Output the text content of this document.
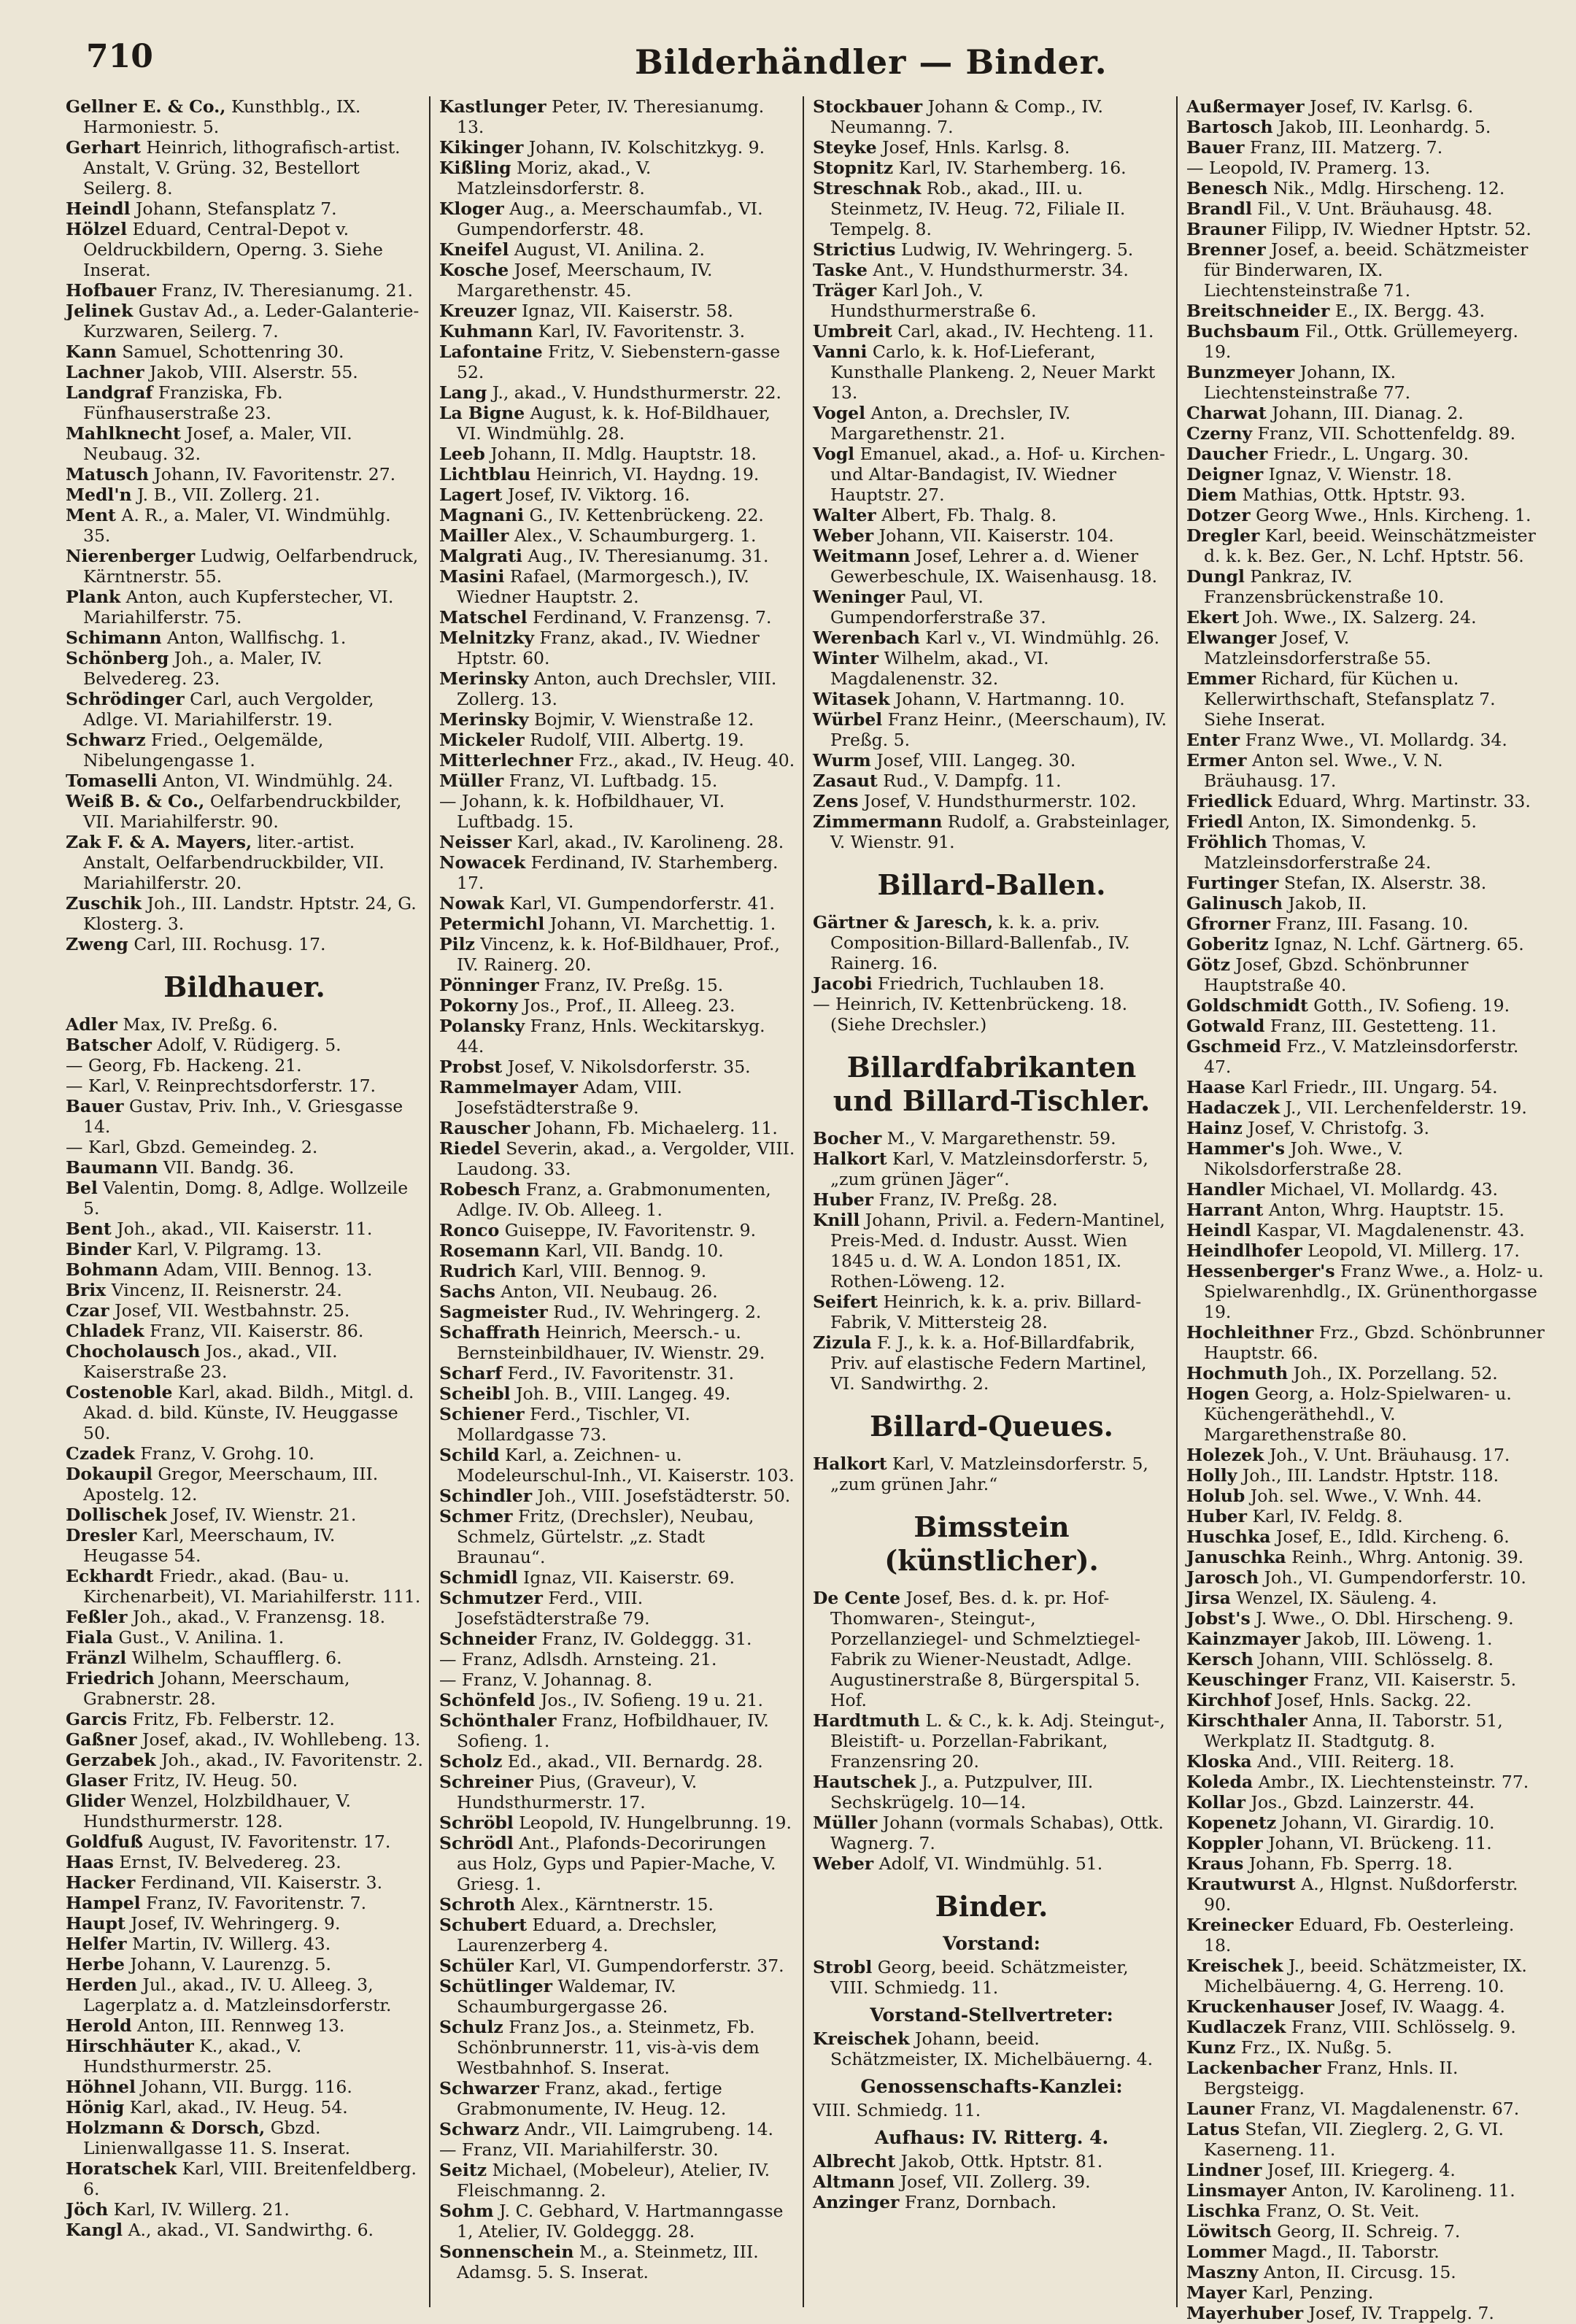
710	Bilderhändler — Binder.

Gellner E. & Co., Kunsthblg., IX. Harmoniestr. 5.

Gerhart Heinrich, lithografisch-artist. Anstalt, V. Grüng. 32, Bestellort Seilerg. 8.

Heindl Johann, Stefansplatz 7.

Hölzel Eduard, Central-Depot v. Oeldruckbildern, Operng. 3. Siehe Inserat.

Hofbauer Franz, IV. Theresianumg. 21.

Jelinek Gustav Ad., a. Leder-Galanterie-Kurzwaren, Seilerg. 7.

Kann Samuel, Schottenring 30.

Lachner Jakob, VIII. Alserstr. 55.

Landgraf Franziska, Fb. Fünfhauserstraße 23.

Mahlknecht Josef, a. Maler, VII. Neubaug. 32.

Matusch Johann, IV. Favoritenstr. 27.

Medl'n J. B., VII. Zollerg. 21.

Ment A. R., a. Maler, VI. Windmühlg. 35.

Nierenberger Ludwig, Oelfarbendruck, Kärntnerstr. 55.

Plank Anton, auch Kupferstecher, VI. Mariahilferstr. 75.

Schimann Anton, Wallfischg. 1.

Schönberg Joh., a. Maler, IV. Belvedereg. 23.

Schrödinger Carl, auch Vergolder, Adlge. VI. Mariahilferstr. 19.

Schwarz Fried., Oelgemälde, Nibelungengasse 1.

Tomaselli Anton, VI. Windmühlg. 24.

Weiß B. & Co., Oelfarbendruckbilder, VII. Mariahilferstr. 90.

Zak F. & A. Mayers, liter.-artist. Anstalt, Oelfarbendruckbilder, VII. Mariahilferstr. 20.

Zuschik Joh., III. Landstr. Hptstr. 24, G. Klosterg. 3.

Zweng Carl, III. Rochusg. 17.

Bildhauer.

Adler Max, IV. Preßg. 6.

Batscher Adolf, V. Rüdigerg. 5.

— Georg, Fb. Hackeng. 21.

— Karl, V. Reinprechtsdorferstr. 17.

Bauer Gustav, Priv. Inh., V. Griesgasse 14.

— Karl, Gbzd. Gemeindeg. 2.

Baumann VII. Bandg. 36.

Bel Valentin, Domg. 8, Adlge. Wollzeile 5.

Bent Joh., akad., VII. Kaiserstr. 11.

Binder Karl, V. Pilgramg. 13.

Bohmann Adam, VIII. Bennog. 13.

Brix Vincenz, II. Reisnerstr. 24.

Czar Josef, VII. Westbahnstr. 25.

Chladek Franz, VII. Kaiserstr. 86.

Chocholausch Jos., akad., VII. Kaiserstraße 23.

Costenoble Karl, akad. Bildh., Mitgl. d. Akad. d. bild. Künste, IV. Heuggasse 50.

Czadek Franz, V. Grohg. 10.

Dokaupil Gregor, Meerschaum, III. Apostelg. 12.

Dollischek Josef, IV. Wienstr. 21.

Dresler Karl, Meerschaum, IV. Heugasse 54.

Eckhardt Friedr., akad. (Bau- u. Kirchenarbeit), VI. Mariahilferstr. 111.

Feßler Joh., akad., V. Franzensg. 18.

Fiala Gust., V. Anilina. 1.

Fränzl Wilhelm, Schaufflerg. 6.

Friedrich Johann, Meerschaum, Grabnerstr. 28.

Garcis Fritz, Fb. Felberstr. 12.

Gaßner Josef, akad., IV. Wohllebeng. 13.

Gerzabek Joh., akad., IV. Favoritenstr. 2.

Glaser Fritz, IV. Heug. 50.

Glider Wenzel, Holzbildhauer, V. Hundsthurmerstr. 128.

Goldfuß August, IV. Favoritenstr. 17.

Haas Ernst, IV. Belvedereg. 23.

Hacker Ferdinand, VII. Kaiserstr. 3.

Hampel Franz, IV. Favoritenstr. 7.

Haupt Josef, IV. Wehringerg. 9.

Helfer Martin, IV. Willerg. 43.

Herbe Johann, V. Laurenzg. 5.

Herden Jul., akad., IV. U. Alleeg. 3, Lagerplatz a. d. Matzleinsdorferstr.

Herold Anton, III. Rennweg 13.

Hirschhäuter K., akad., V. Hundsthurmerstr. 25.

Höhnel Johann, VII. Burgg. 116.

Hönig Karl, akad., IV. Heug. 54.

Holzmann & Dorsch, Gbzd. Linienwallgasse 11. S. Inserat.

Horatschek Karl, VIII. Breitenfeldberg. 6.

Jöch Karl, IV. Willerg. 21.

Kangl A., akad., VI. Sandwirthg. 6.

Kastlunger Peter, IV. Theresianumg. 13.

Kikinger Johann, IV. Kolschitzkyg. 9.

Kißling Moriz, akad., V. Matzleinsdorferstr. 8.

Kloger Aug., a. Meerschaumfab., VI. Gumpendorferstr. 48.

Kneifel August, VI. Anilina. 2.

Kosche Josef, Meerschaum, IV. Margarethenstr. 45.

Kreuzer Ignaz, VII. Kaiserstr. 58.

Kuhmann Karl, IV. Favoritenstr. 3.

Lafontaine Fritz, V. Siebenstern-gasse 52.

Lang J., akad., V. Hundsthurmerstr. 22.

La Bigne August, k. k. Hof-Bildhauer, VI. Windmühlg. 28.

Leeb Johann, II. Mdlg. Hauptstr. 18.

Lichtblau Heinrich, VI. Haydng. 19.

Lagert Josef, IV. Viktorg. 16.

Magnani G., IV. Kettenbrückeng. 22.

Mailler Alex., V. Schaumburgerg. 1.

Malgrati Aug., IV. Theresianumg. 31.

Masini Rafael, (Marmorgesch.), IV. Wiedner Hauptstr. 2.

Matschel Ferdinand, V. Franzensg. 7.

Melnitzky Franz, akad., IV. Wiedner Hptstr. 60.

Merinsky Anton, auch Drechsler, VIII. Zollerg. 13.

Merinsky Bojmir, V. Wienstraße 12.

Mickeler Rudolf, VIII. Albertg. 19.

Mitterlechner Frz., akad., IV. Heug. 40.

Müller Franz, VI. Luftbadg. 15.

— Johann, k. k. Hofbildhauer, VI. Luftbadg. 15.

Neisser Karl, akad., IV. Karolineng. 28.

Nowacek Ferdinand, IV. Starhemberg. 17.

Nowak Karl, VI. Gumpendorferstr. 41.

Petermichl Johann, VI. Marchettig. 1.

Pilz Vincenz, k. k. Hof-Bildhauer, Prof., IV. Rainerg. 20.

Pönninger Franz, IV. Preßg. 15.

Pokorny Jos., Prof., II. Alleeg. 23.

Polansky Franz, Hnls. Weckitarskyg. 44.

Probst Josef, V. Nikolsdorferstr. 35.

Rammelmayer Adam, VIII. Josefstädterstraße 9.

Rauscher Johann, Fb. Michaelerg. 11.

Riedel Severin, akad., a. Vergolder, VIII. Laudong. 33.

Robesch Franz, a. Grabmonumenten, Adlge. IV. Ob. Alleeg. 1.

Ronco Guiseppe, IV. Favoritenstr. 9.

Rosemann Karl, VII. Bandg. 10.

Rudrich Karl, VIII. Bennog. 9.

Sachs Anton, VII. Neubaug. 26.

Sagmeister Rud., IV. Wehringerg. 2.

Schaffrath Heinrich, Meersch.- u. Bernsteinbildhauer, IV. Wienstr. 29.

Scharf Ferd., IV. Favoritenstr. 31.

Scheibl Joh. B., VIII. Langeg. 49.

Schiener Ferd., Tischler, VI. Mollardgasse 73.

Schild Karl, a. Zeichnen- u. Modeleurschul-Inh., VI. Kaiserstr. 103.

Schindler Joh., VIII. Josefstädterstr. 50.

Schmer Fritz, (Drechsler), Neubau, Schmelz, Gürtelstr. „z. Stadt Braunau“.

Schmidl Ignaz, VII. Kaiserstr. 69.

Schmutzer Ferd., VIII. Josefstädterstraße 79.

Schneider Franz, IV. Goldeggg. 31.

— Franz, Adlsdh. Arnsteing. 21.

— Franz, V. Johannag. 8.

Schönfeld Jos., IV. Sofieng. 19 u. 21.

Schönthaler Franz, Hofbildhauer, IV. Sofieng. 1.

Scholz Ed., akad., VII. Bernardg. 28.

Schreiner Pius, (Graveur), V. Hundsthurmerstr. 17.

Schröbl Leopold, IV. Hungelbrunng. 19.

Schrödl Ant., Plafonds-Decorirungen aus Holz, Gyps und Papier-Mache, V. Griesg. 1.

Schroth Alex., Kärntnerstr. 15.

Schubert Eduard, a. Drechsler, Laurenzerberg 4.

Schüler Karl, VI. Gumpendorferstr. 37.

Schütlinger Waldemar, IV. Schaumburgergasse 26.

Schulz Franz Jos., a. Steinmetz, Fb. Schönbrunnerstr. 11, vis-à-vis dem Westbahnhof. S. Inserat.

Schwarzer Franz, akad., fertige Grabmonumente, IV. Heug. 12.

Schwarz Andr., VII. Laimgrubeng. 14.

— Franz, VII. Mariahilferstr. 30.

Seitz Michael, (Mobeleur), Atelier, IV. Fleischmanng. 2.

Sohm J. C. Gebhard, V. Hartmanngasse 1, Atelier, IV. Goldeggg. 28.

Sonnenschein M., a. Steinmetz, III. Adamsg. 5. S. Inserat.

Stockbauer Johann & Comp., IV. Neumanng. 7.

Steyke Josef, Hnls. Karlsg. 8.

Stopnitz Karl, IV. Starhemberg. 16.

Streschnak Rob., akad., III. u. Steinmetz, IV. Heug. 72, Filiale II. Tempelg. 8.

Strictius Ludwig, IV. Wehringerg. 5.

Taske Ant., V. Hundsthurmerstr. 34.

Träger Karl Joh., V. Hundsthurmerstraße 6.

Umbreit Carl, akad., IV. Hechteng. 11.

Vanni Carlo, k. k. Hof-Lieferant, Kunsthalle Plankeng. 2, Neuer Markt 13.

Vogel Anton, a. Drechsler, IV. Margarethenstr. 21.

Vogl Emanuel, akad., a. Hof- u. Kirchen- und Altar-Bandagist, IV. Wiedner Hauptstr. 27.

Walter Albert, Fb. Thalg. 8.

Weber Johann, VII. Kaiserstr. 104.

Weitmann Josef, Lehrer a. d. Wiener Gewerbeschule, IX. Waisenhausg. 18.

Weninger Paul, VI. Gumpendorferstraße 37.

Werenbach Karl v., VI. Windmühlg. 26.

Winter Wilhelm, akad., VI. Magdalenenstr. 32.

Witasek Johann, V. Hartmanng. 10.

Würbel Franz Heinr., (Meerschaum), IV. Preßg. 5.

Wurm Josef, VIII. Langeg. 30.

Zasaut Rud., V. Dampfg. 11.

Zens Josef, V. Hundsthurmerstr. 102.

Zimmermann Rudolf, a. Grabsteinlager, V. Wienstr. 91.

Billard-Ballen.

Gärtner & Jaresch, k. k. a. priv. Composition-Billard-Ballenfab., IV. Rainerg. 16.

Jacobi Friedrich, Tuchlauben 18.

— Heinrich, IV. Kettenbrückeng. 18. (Siehe Drechsler.)

Billardfabrikanten und Billard-Tischler.

Bocher M., V. Margarethenstr. 59.

Halkort Karl, V. Matzleinsdorferstr. 5, „zum grünen Jäger“.

Huber Franz, IV. Preßg. 28.

Knill Johann, Privil. a. Federn-Mantinel, Preis-Med. d. Industr. Ausst. Wien 1845 u. d. W. A. London 1851, IX. Rothen-Löweng. 12.

Seifert Heinrich, k. k. a. priv. Billard-Fabrik, V. Mittersteig 28.

Zizula F. J., k. k. a. Hof-Billardfabrik, Priv. auf elastische Federn Martinel, VI. Sandwirthg. 2.

Billard-Queues.

Halkort Karl, V. Matzleinsdorferstr. 5, „zum grünen Jahr.“

Bimsstein (künstlicher).

De Cente Josef, Bes. d. k. pr. Hof-Thomwaren-, Steingut-, Porzellanziegel- und Schmelztiegel-Fabrik zu Wiener-Neustadt, Adlge. Augustinerstraße 8, Bürgerspital 5. Hof.

Hardtmuth L. & C., k. k. Adj. Steingut-, Bleistift- u. Porzellan-Fabrikant, Franzensring 20.

Hautschek J., a. Putzpulver, III. Sechskrügelg. 10—14.

Müller Johann (vormals Schabas), Ottk. Wagnerg. 7.

Weber Adolf, VI. Windmühlg. 51.

Binder.
Vorstand:

Strobl Georg, beeid. Schätzmeister, VIII. Schmiedg. 11.

Vorstand-Stellvertreter:

Kreischek Johann, beeid. Schätzmeister, IX. Michelbäuerng. 4.

Genossenschafts-Kanzlei:

VIII. Schmiedg. 11.

Aufhaus: IV. Ritterg. 4.

Albrecht Jakob, Ottk. Hptstr. 81.

Altmann Josef, VII. Zollerg. 39.

Anzinger Franz, Dornbach.

Außermayer Josef, IV. Karlsg. 6.

Bartosch Jakob, III. Leonhardg. 5.

Bauer Franz, III. Matzerg. 7.

— Leopold, IV. Pramerg. 13.

Benesch Nik., Mdlg. Hirscheng. 12.

Brandl Fil., V. Unt. Bräuhausg. 48.

Brauner Filipp, IV. Wiedner Hptstr. 52.

Brenner Josef, a. beeid. Schätzmeister für Binderwaren, IX. Liechtensteinstraße 71.

Breitschneider E., IX. Bergg. 43.

Buchsbaum Fil., Ottk. Grüllemeyerg. 19.

Bunzmeyer Johann, IX. Liechtensteinstraße 77.

Charwat Johann, III. Dianag. 2.

Czerny Franz, VII. Schottenfeldg. 89.

Daucher Friedr., L. Ungarg. 30.

Deigner Ignaz, V. Wienstr. 18.

Diem Mathias, Ottk. Hptstr. 93.

Dotzer Georg Wwe., Hnls. Kircheng. 1.

Dregler Karl, beeid. Weinschätzmeister d. k. k. Bez. Ger., N. Lchf. Hptstr. 56.

Dungl Pankraz, IV. Franzensbrückenstraße 10.

Ekert Joh. Wwe., IX. Salzerg. 24.

Elwanger Josef, V. Matzleinsdorferstraße 55.

Emmer Richard, für Küchen u. Kellerwirthschaft, Stefansplatz 7. Siehe Inserat.

Enter Franz Wwe., VI. Mollardg. 34.

Ermer Anton sel. Wwe., V. N. Bräuhausg. 17.

Friedlick Eduard, Whrg. Martinstr. 33.

Friedl Anton, IX. Simondenkg. 5.

Fröhlich Thomas, V. Matzleinsdorferstraße 24.

Furtinger Stefan, IX. Alserstr. 38.

Galinusch Jakob, II.

Gfrorner Franz, III. Fasang. 10.

Goberitz Ignaz, N. Lchf. Gärtnerg. 65.

Götz Josef, Gbzd. Schönbrunner Hauptstraße 40.

Goldschmidt Gotth., IV. Sofieng. 19.

Gotwald Franz, III. Gestetteng. 11.

Gschmeid Frz., V. Matzleinsdorferstr. 47.

Haase Karl Friedr., III. Ungarg. 54.

Hadaczek J., VII. Lerchenfelderstr. 19.

Hainz Josef, V. Christofg. 3.

Hammer's Joh. Wwe., V. Nikolsdorferstraße 28.

Handler Michael, VI. Mollardg. 43.

Harrant Anton, Whrg. Hauptstr. 15.

Heindl Kaspar, VI. Magdalenenstr. 43.

Heindlhofer Leopold, VI. Millerg. 17.

Hessenberger's Franz Wwe., a. Holz- u. Spielwarenhdlg., IX. Grünenthorgasse 19.

Hochleithner Frz., Gbzd. Schönbrunner Hauptstr. 66.

Hochmuth Joh., IX. Porzellang. 52.

Hogen Georg, a. Holz-Spielwaren- u. Küchengeräthehdl., V. Margarethenstraße 80.

Holezek Joh., V. Unt. Bräuhausg. 17.

Holly Joh., III. Landstr. Hptstr. 118.

Holub Joh. sel. Wwe., V. Wnh. 44.

Huber Karl, IV. Feldg. 8.

Huschka Josef, E., Idld. Kircheng. 6.

Januschka Reinh., Whrg. Antonig. 39.

Jarosch Joh., VI. Gumpendorferstr. 10.

Jirsa Wenzel, IX. Säuleng. 4.

Jobst's J. Wwe., O. Dbl. Hirscheng. 9.

Kainzmayer Jakob, III. Löweng. 1.

Kersch Johann, VIII. Schlösselg. 8.

Keuschinger Franz, VII. Kaiserstr. 5.

Kirchhof Josef, Hnls. Sackg. 22.

Kirschthaler Anna, II. Taborstr. 51, Werkplatz II. Stadtgutg. 8.

Kloska And., VIII. Reiterg. 18.

Koleda Ambr., IX. Liechtensteinstr. 77.

Kollar Jos., Gbzd. Lainzerstr. 44.

Kopenetz Johann, VI. Girardig. 10.

Koppler Johann, VI. Brückeng. 11.

Kraus Johann, Fb. Sperrg. 18.

Krautwurst A., Hlgnst. Nußdorferstr. 90.

Kreinecker Eduard, Fb. Oesterleing. 18.

Kreischek J., beeid. Schätzmeister, IX. Michelbäuerng. 4, G. Herreng. 10.

Kruckenhauser Josef, IV. Waagg. 4.

Kudlaczek Franz, VIII. Schlösselg. 9.

Kunz Frz., IX. Nußg. 5.

Lackenbacher Franz, Hnls. II. Bergsteigg.

Launer Franz, VI. Magdalenenstr. 67.

Latus Stefan, VII. Zieglerg. 2, G. VI. Kaserneng. 11.

Lindner Josef, III. Kriegerg. 4.

Linsmayer Anton, IV. Karolineng. 11.

Lischka Franz, O. St. Veit.

Löwitsch Georg, II. Schreig. 7.

Lommer Magd., II. Taborstr.

Maszny Anton, II. Circusg. 15.

Mayer Karl, Penzing.

Mayerhuber Josef, IV. Trappelg. 7.
